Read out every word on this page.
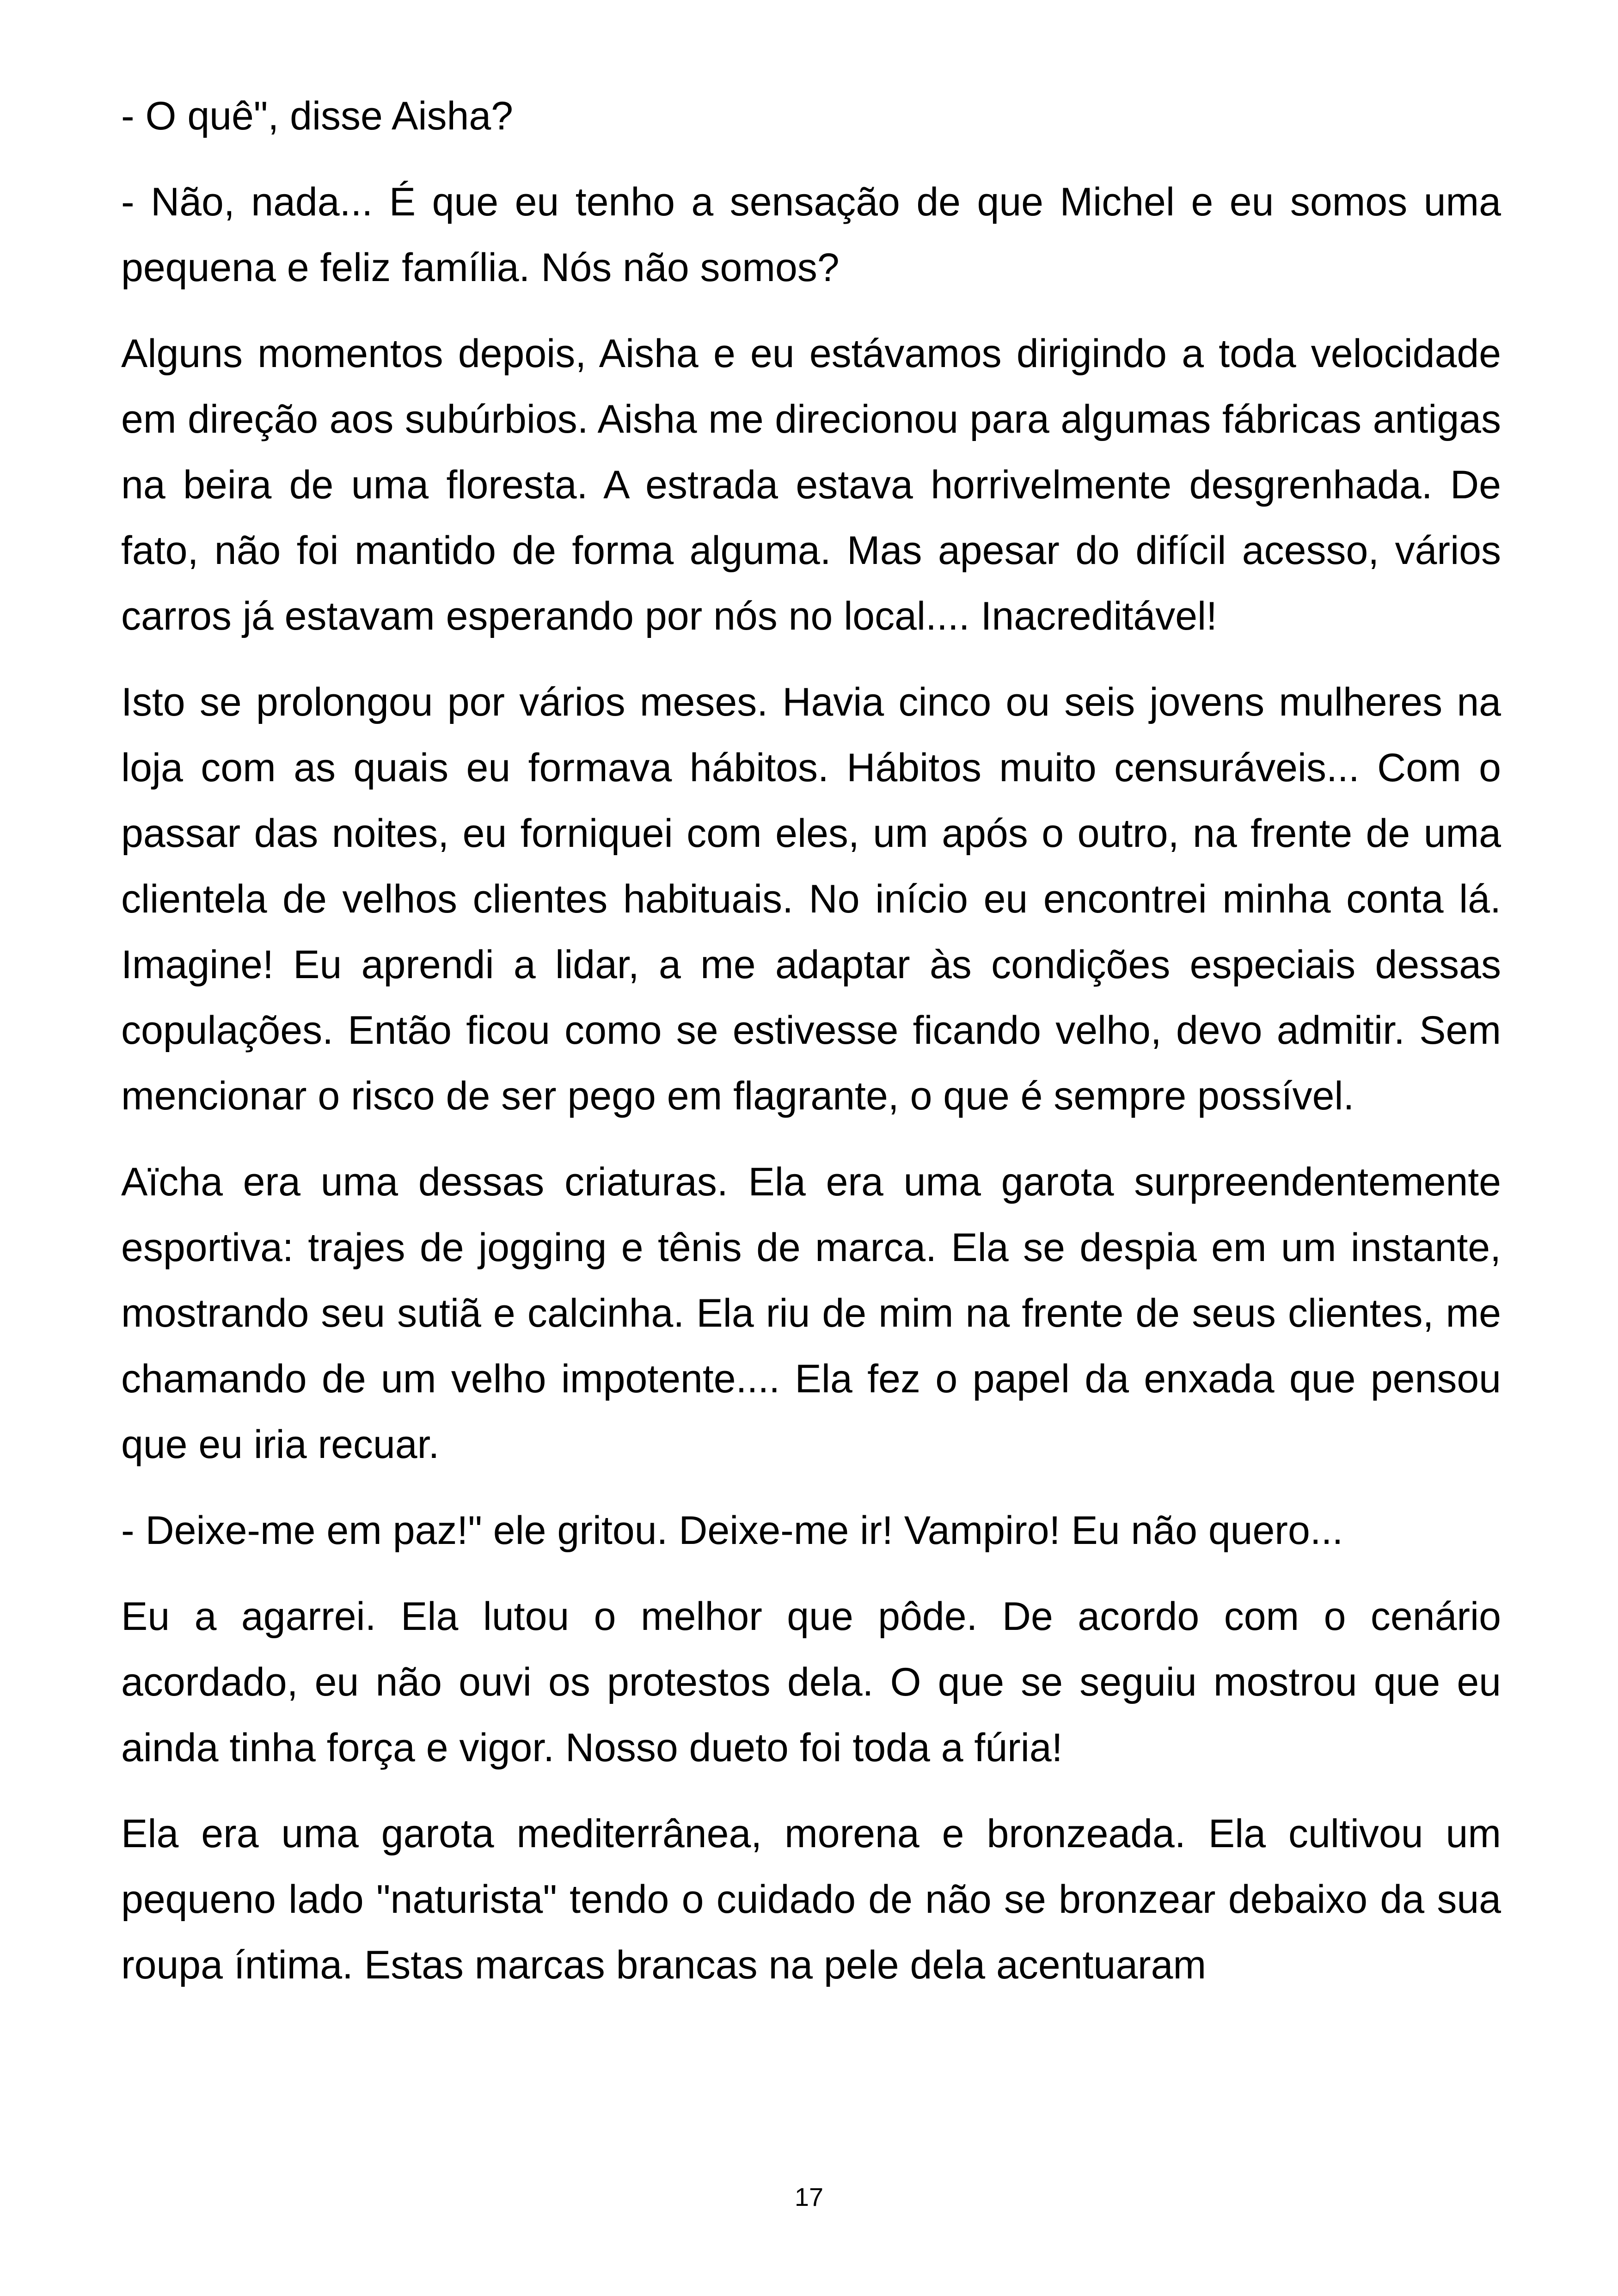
- O quê", disse Aisha?

- Não, nada... É que eu tenho a sensação de que Michel e eu somos uma pequena e feliz família. Nós não somos?

Alguns momentos depois, Aisha e eu estávamos dirigindo a toda velocidade em direção aos subúrbios. Aisha me direcionou para algumas fábricas antigas na beira de uma floresta. A estrada estava horrivelmente desgrenhada. De fato, não foi mantido de forma alguma. Mas apesar do difícil acesso, vários carros já estavam esperando por nós no local.... Inacreditável!

Isto se prolongou por vários meses. Havia cinco ou seis jovens mulheres na loja com as quais eu formava hábitos. Hábitos muito censuráveis... Com o passar das noites, eu forniquei com eles, um após o outro, na frente de uma clientela de velhos clientes habituais. No início eu encontrei minha conta lá. Imagine! Eu aprendi a lidar, a me adaptar às condições especiais dessas copulações. Então ficou como se estivesse ficando velho, devo admitir. Sem mencionar o risco de ser pego em flagrante, o que é sempre possível.

Aïcha era uma dessas criaturas. Ela era uma garota surpreendentemente esportiva: trajes de jogging e tênis de marca. Ela se despia em um instante, mostrando seu sutiã e calcinha. Ela riu de mim na frente de seus clientes, me chamando de um velho impotente.... Ela fez o papel da enxada que pensou que eu iria recuar.

- Deixe-me em paz!" ele gritou. Deixe-me ir! Vampiro! Eu não quero...

Eu a agarrei. Ela lutou o melhor que pôde. De acordo com o cenário acordado, eu não ouvi os protestos dela. O que se seguiu mostrou que eu ainda tinha força e vigor. Nosso dueto foi toda a fúria!

Ela era uma garota mediterrânea, morena e bronzeada. Ela cultivou um pequeno lado "naturista" tendo o cuidado de não se bronzear debaixo da sua roupa íntima. Estas marcas brancas na pele dela acentuaram

17
